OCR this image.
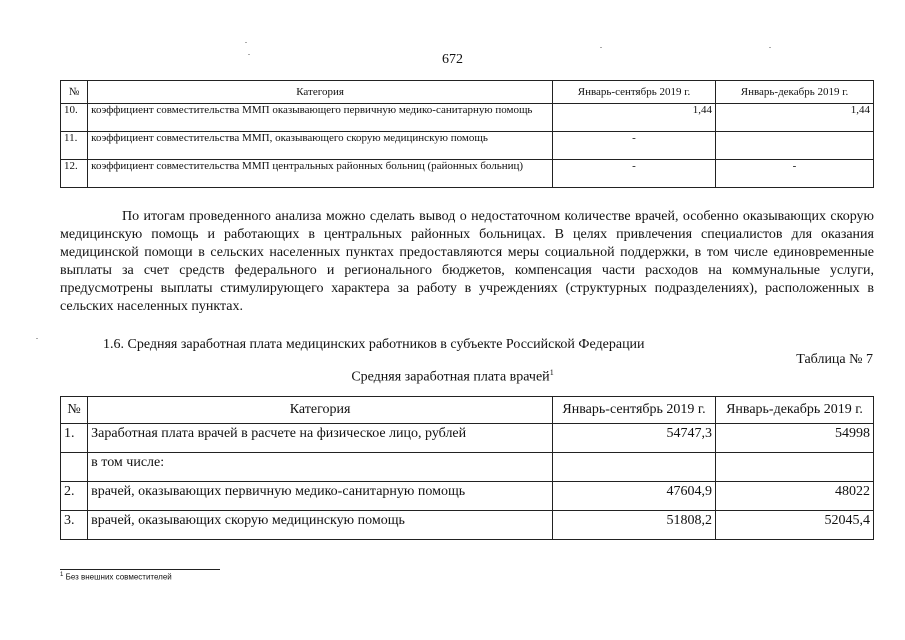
672
№	Категория	Январь-сентябрь 2019 г.	Январь-декабрь 2019 г.
10.	коэффициент совместительства ММП оказывающего первичную медико-санитарную помощь	1,44	1,44
11.	коэффициент совместительства ММП, оказывающего скорую медицинскую помощь	-	
12.	коэффициент совместительства ММП центральных районных больниц (районных больниц)	-	-
По итогам проведенного анализа можно сделать вывод о недостаточном количестве врачей, особенно оказывающих скорую медицинскую помощь и работающих в центральных районных больницах. В целях привлечения специалистов для оказания медицинской помощи в сельских населенных пунктах предоставляются меры социальной поддержки, в том числе единовременные выплаты за счет средств федерального и регионального бюджетов, компенсация части расходов на коммунальные услуги, предусмотрены выплаты стимулирующего характера за работу в учреждениях (структурных подразделениях), расположенных в сельских населенных пунктах.
1.6. Средняя заработная плата медицинских работников в субъекте Российской Федерации
Таблица № 7
Средняя заработная плата врачей$^1$
№	Категория	Январь-сентябрь 2019 г.	Январь-декабрь 2019 г.
1.	Заработная плата врачей в расчете на физическое лицо, рублей	54747,3	54998
	в том числе:		
2.	врачей, оказывающих первичную медико-санитарную помощь	47604,9	48022
3.	врачей, оказывающих скорую медицинскую помощь	51808,2	52045,4
$^1$ Без внешних совместителей
